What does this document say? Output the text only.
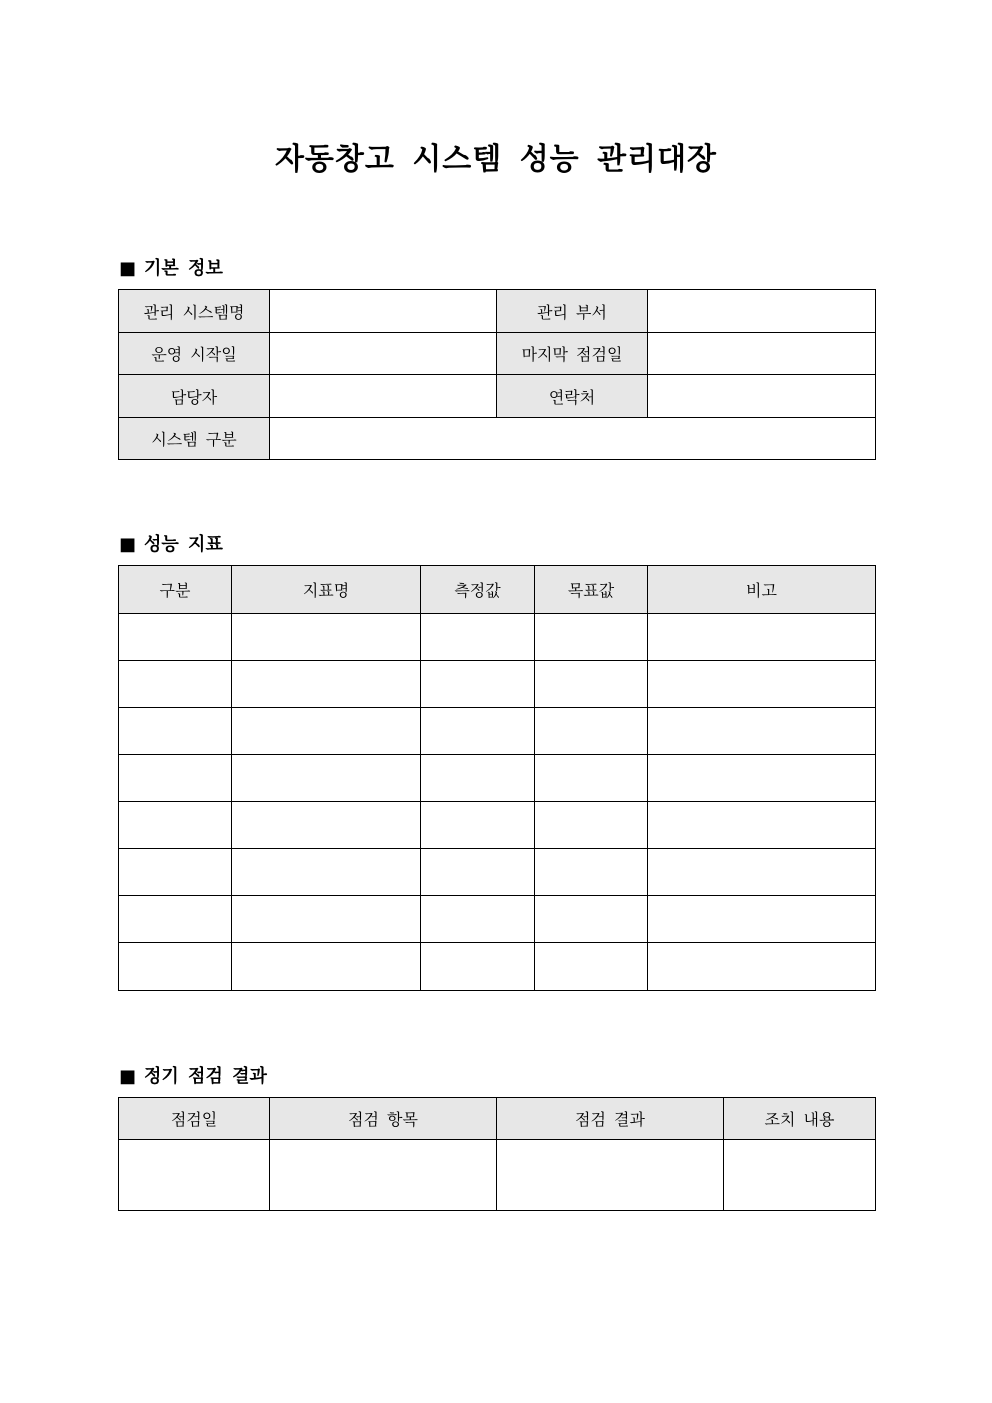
자동창고 시스템 성능 관리대장
■ 기본 정보
관리 시스템명		관리 부서	
운영 시작일		마지막 점검일	
담당자		연락처	
시스템 구분			
■ 성능 지표
구분	지표명	측정값	목표값	비고

■ 정기 점검 결과
점검일	점검 항목	점검 결과	조치 내용
